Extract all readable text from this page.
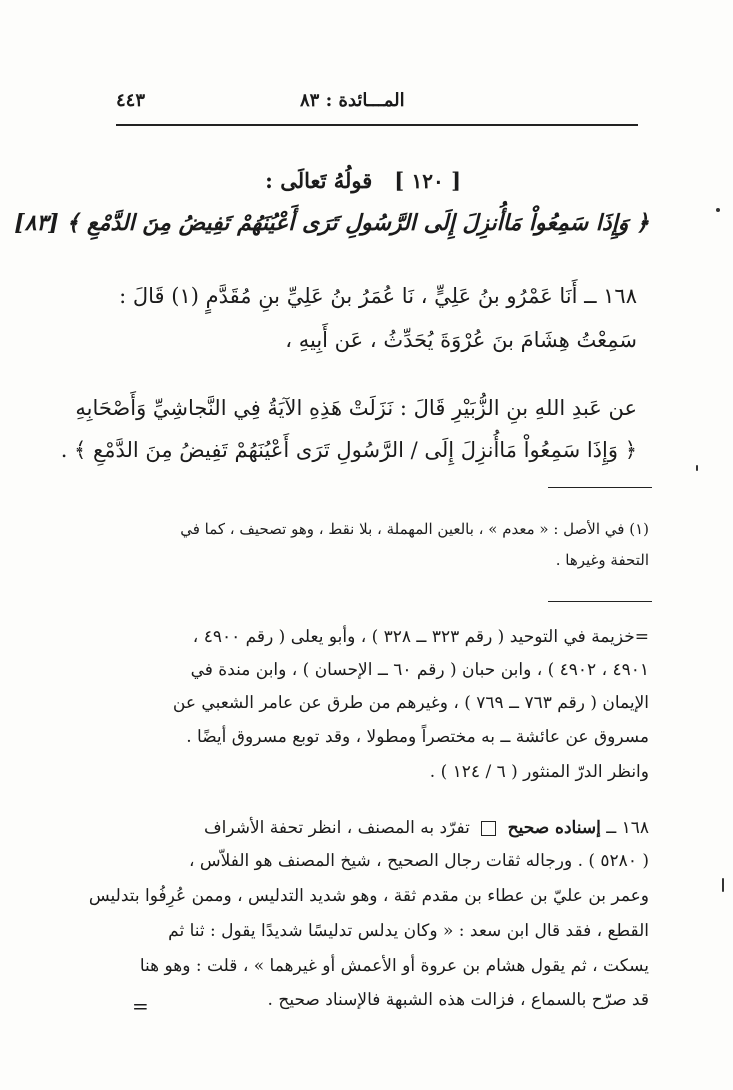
٤٤٣	المـــائدة : ٨٣
[ ١٢٠ ]   قولُهُ تَعالَى :
﴿ وَإِذَا سَمِعُواْ مَاأُنزِلَ إِلَى الرَّسُولِ تَرَى أَعْيُنَهُمْ تَفِيضُ مِنَ الدَّمْعِ ﴾ [٨٣]
١٦٨ ــ أَنَا عَمْرُو بنُ عَلِيٍّ ، نَا عُمَرُ بنُ عَلِيِّ بنِ مُقَدَّمٍ (١) قَالَ :
سَمِعْتُ هِشَامَ بنَ عُرْوَةَ يُحَدِّثُ ، عَن أَبِيهِ ،
عن عَبدِ اللهِ بنِ الزُّبَيْرِ قَالَ : نَزَلَتْ هَذِهِ الآيَةُ فِي النَّجاشِيِّ وَأَصْحَابِهِ
﴿ وَإِذَا سَمِعُواْ مَاأُنزِلَ إِلَى / الرَّسُولِ تَرَى أَعْيُنَهُمْ تَفِيضُ مِنَ الدَّمْعِ ﴾ .
(١) في الأصل : « معدم » ، بالعين المهملة ، بلا نقط ، وهو تصحيف ، كما في
التحفة وغيرها .
=خزيمة في التوحيد ( رقم ٣٢٣ ــ ٣٢٨ ) ، وأبو يعلى ( رقم ٤٩٠٠ ،
٤٩٠١ ، ٤٩٠٢ ) ، وابن حبان ( رقم ٦٠ ــ الإحسان ) ، وابن مندة في
الإيمان ( رقم ٧٦٣ ــ ٧٦٩ ) ، وغيرهم من طرق عن عامر الشعبي عن
مسروق عن عائشة ــ به مختصراً ومطولا ، وقد توبع مسروق أيضًا .
وانظر الدرّ المنثور ( ٦ / ١٢٤ ) .
١٦٨ ــ إسناده صحيح  تفرّد به المصنف ، انظر تحفة الأشراف
( ٥٢٨٠ ) . ورجاله ثقات رجال الصحيح ، شيخ المصنف هو الفلاّس ،
وعمر بن عليّ بن عطاء بن مقدم ثقة ، وهو شديد التدليس ، وممن عُرِفُوا بتدليس
القطع ، فقد قال ابن سعد : « وكان يدلس تدليسًا شديدًا يقول : ثنا ثم
يسكت ، ثم يقول هشام بن عروة أو الأعمش أو غيرهما » ، قلت : وهو هنا
قد صرّح بالسماع ، فزالت هذه الشبهة فالإسناد صحيح .
=
